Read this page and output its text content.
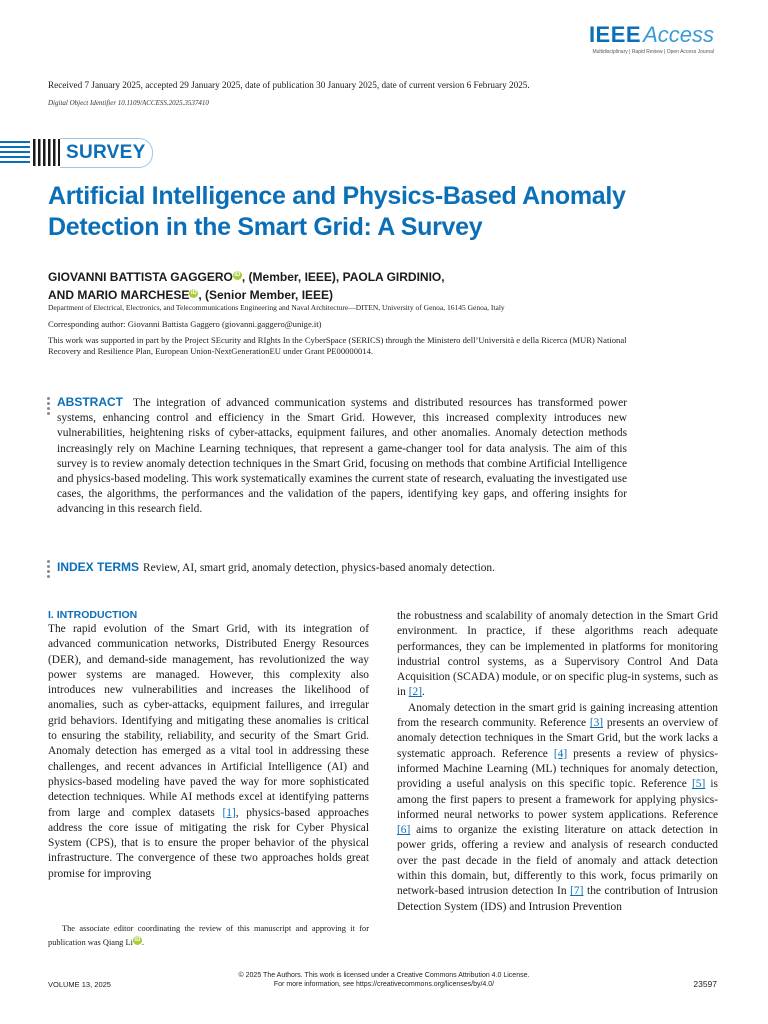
IEEEAccess
Multidisciplinary | Rapid Review | Open Access Journal
Received 7 January 2025, accepted 29 January 2025, date of publication 30 January 2025, date of current version 6 February 2025.
Digital Object Identifier 10.1109/ACCESS.2025.3537410
SURVEY
Artificial Intelligence and Physics-Based Anomaly Detection in the Smart Grid: A Survey
GIOVANNI BATTISTA GAGGERO iD , (Member, IEEE), PAOLA GIRDINIO,
AND MARIO MARCHESE iD , (Senior Member, IEEE)
Department of Electrical, Electronics, and Telecommunications Engineering and Naval Architecture—DITEN, University of Genoa, 16145 Genoa, Italy
Corresponding author: Giovanni Battista Gaggero (giovanni.gaggero@unige.it)
This work was supported in part by the Project SEcurity and RIghts In the CyberSpace (SERICS) through the Ministero dell’Università e della Ricerca (MUR) National Recovery and Resilience Plan, European Union-NextGenerationEU under Grant PE00000014.
ABSTRACT The integration of advanced communication systems and distributed resources has transformed power systems, enhancing control and efficiency in the Smart Grid. However, this increased complexity introduces new vulnerabilities, heightening risks of cyber-attacks, equipment failures, and other anomalies. Anomaly detection methods increasingly rely on Machine Learning techniques, that represent a game-changer tool for data analysis. The aim of this survey is to review anomaly detection techniques in the Smart Grid, focusing on methods that combine Artificial Intelligence and physics-based modeling. This work systematically examines the current state of research, evaluating the investigated use cases, the algorithms, the performances and the validation of the papers, identifying key gaps, and offering insights for advancing in this research field.
INDEX TERMS Review, AI, smart grid, anomaly detection, physics-based anomaly detection.
I. INTRODUCTION

The rapid evolution of the Smart Grid, with its integration of advanced communication networks, Distributed Energy Resources (DER), and demand-side management, has revolutionized the way power systems are managed. However, this complexity also introduces new vulnerabilities and increases the likelihood of anomalies, such as cyber-attacks, equipment failures, and irregular grid behaviors. Identifying and mitigating these anomalies is critical to ensuring the stability, reliability, and security of the Smart Grid. Anomaly detection has emerged as a vital tool in addressing these challenges, and recent advances in Artificial Intelligence (AI) and physics-based modeling have paved the way for more sophisticated detection techniques. While AI methods excel at identifying patterns from large and complex datasets [1], physics-based approaches address the core issue of mitigating the risk for Cyber Physical System (CPS), that is to ensure the proper behavior of the physical infrastructure. The convergence of these two approaches holds great promise for improving

the robustness and scalability of anomaly detection in the Smart Grid environment. In practice, if these algorithms reach adequate performances, they can be implemented in platforms for monitoring industrial control systems, as a Supervisory Control And Data Acquisition (SCADA) module, or on specific plug-in systems, such as in [2].

Anomaly detection in the smart grid is gaining increasing attention from the research community. Reference [3] presents an overview of anomaly detection techniques in the Smart Grid, but the work lacks a systematic approach. Reference [4] presents a review of physics-informed Machine Learning (ML) techniques for anomaly detection, providing a useful analysis on this specific topic. Reference [5] is among the first papers to present a framework for applying physics-informed neural networks to power system applications. Reference [6] aims to organize the existing literature on attack detection in power grids, offering a review and analysis of research conducted over the past decade in the field of anomaly and attack detection within this domain, but, differently to this work, focus primarily on network-based intrusion detection In [7] the contribution of Intrusion Detection System (IDS) and Intrusion Prevention

The associate editor coordinating the review of this manuscript and approving it for publication was Qiang Li iD .
© 2025 The Authors. This work is licensed under a Creative Commons Attribution 4.0 License.
For more information, see https://creativecommons.org/licenses/by/4.0/
VOLUME 13, 2025	23597
